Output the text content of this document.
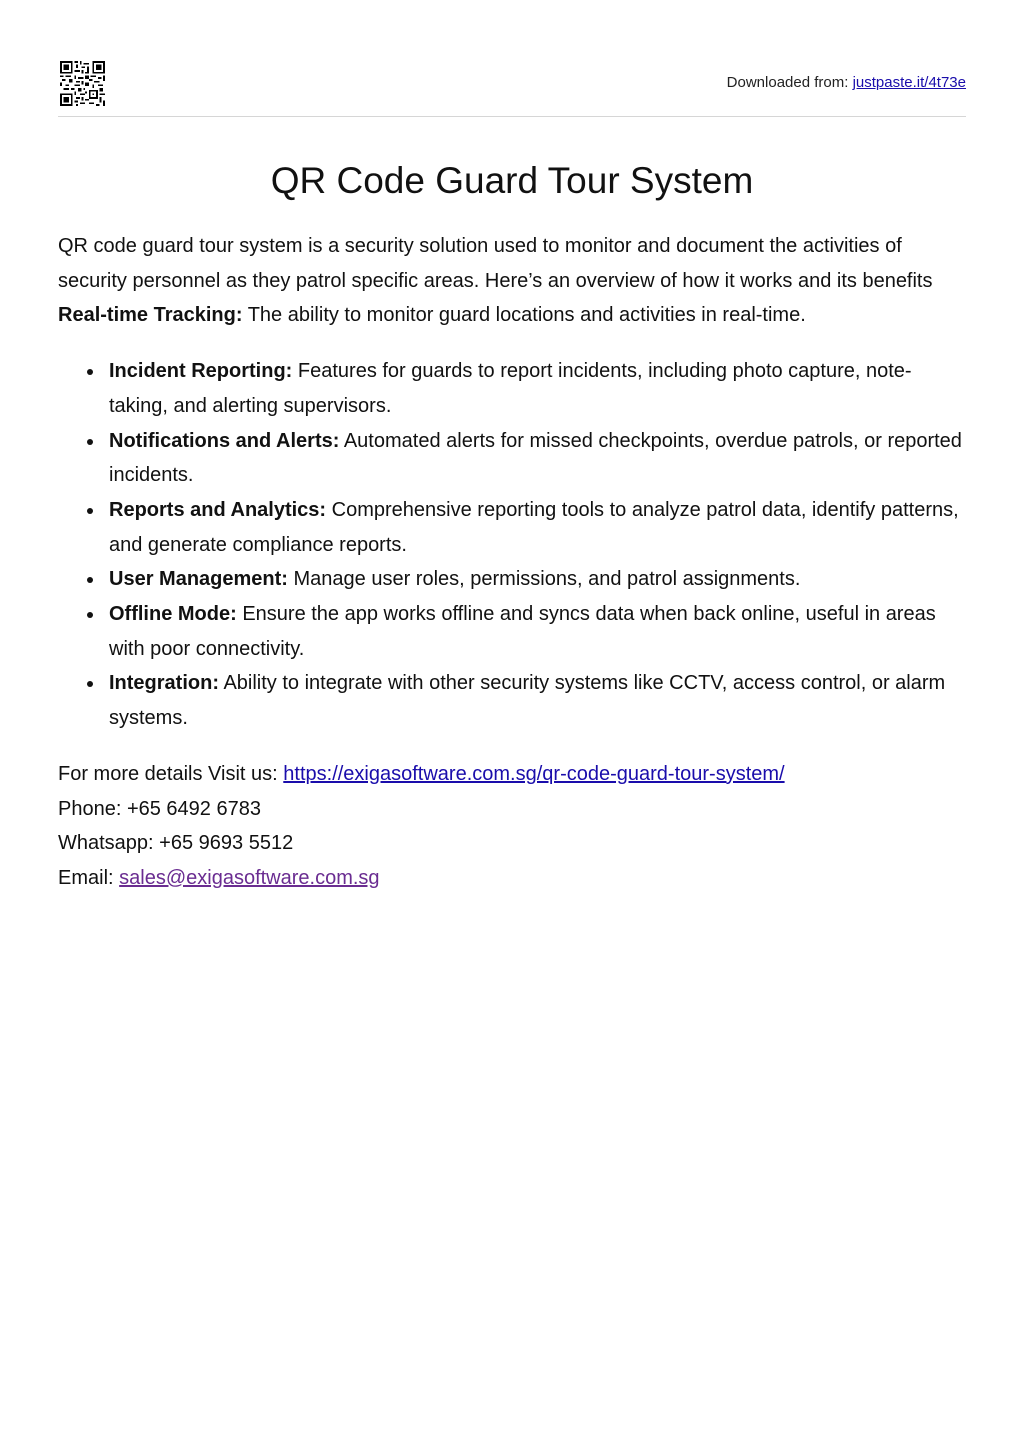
Downloaded from: justpaste.it/4t73e
QR Code Guard Tour System

QR code guard tour system is a security solution used to monitor and document the activities of security personnel as they patrol specific areas. Here’s an overview of how it works and its benefits

Real-time Tracking: The ability to monitor guard locations and activities in real-time.

Incident Reporting: Features for guards to report incidents, including photo capture, note-taking, and alerting supervisors.
Notifications and Alerts: Automated alerts for missed checkpoints, overdue patrols, or reported incidents.
Reports and Analytics: Comprehensive reporting tools to analyze patrol data, identify patterns, and generate compliance reports.
User Management: Manage user roles, permissions, and patrol assignments.
Offline Mode: Ensure the app works offline and syncs data when back online, useful in areas with poor connectivity.
Integration: Ability to integrate with other security systems like CCTV, access control, or alarm systems.

For more details Visit us: https://exigasoftware.com.sg/qr-code-guard-tour-system/

Phone: +65 6492 6783

Whatsapp: +65 9693 5512

Email: sales@exigasoftware.com.sg
